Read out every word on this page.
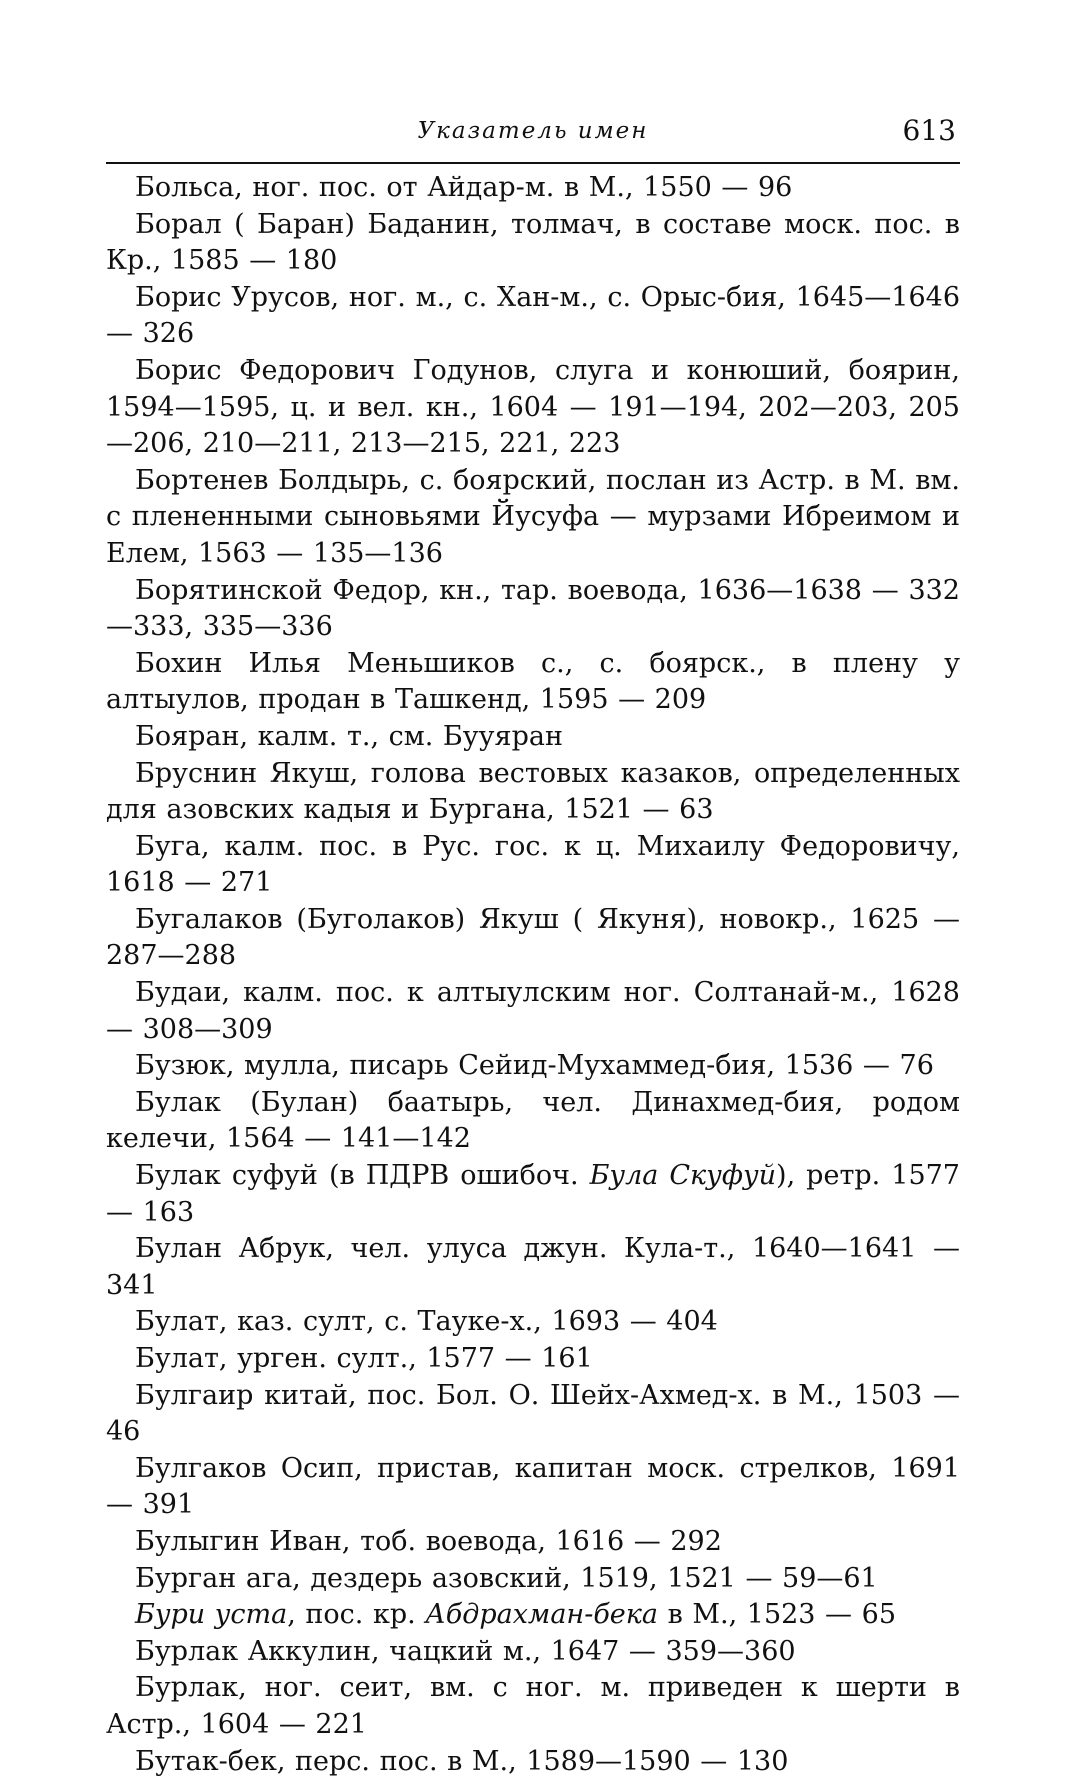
Указатель имен	613

Больса, ног. пос. от Айдар-м. в М., 1550 — 96

Борал ( Баран) Баданин, толмач, в составе моск. пос. в Кр., 1585 — 180

Борис Урусов, ног. м., с. Хан-м., с. Орыс-бия, 1645—1646 — 326

Борис Федорович Годунов, слуга и конюший, боярин, 1594—1595, ц. и вел. кн., 1604 — 191—194, 202—203, 205—206, 210—211, 213—215, 221, 223

Бортенев Болдырь, с. боярский, послан из Астр. в М. вм. с плененными сыновьями Йусуфа — мурзами Ибреимом и Елем, 1563 — 135—136

Борятинской Федор, кн., тар. воевода, 1636—1638 — 332—333, 335—336

Бохин Илья Меньшиков с., с. боярск., в плену у алтыулов, продан в Ташкенд, 1595 — 209

Бояран, калм. т., см. Бууяран

Бруснин Якуш, голова вестовых казаков, определенных для азовских кадыя и Бургана, 1521 — 63

Буга, калм. пос. в Рус. гос. к ц. Михаилу Федоровичу, 1618 — 271

Бугалаков (Буголаков) Якуш ( Якуня), новокр., 1625 — 287—288

Будаи, калм. пос. к алтыулским ног. Солтанай-м., 1628 — 308—309

Бузюк, мулла, писарь Сейид-Мухаммед-бия, 1536 — 76

Булак (Булан) баатырь, чел. Динахмед-бия, родом келечи, 1564 — 141—142

Булак суфуй (в ПДРВ ошибоч. Була Скуфуй), ретр. 1577 — 163

Булан Абрук, чел. улуса джун. Кула-т., 1640—1641 — 341

Булат, каз. султ, с. Тауке-х., 1693 — 404

Булат, урген. султ., 1577 — 161

Булгаир китай, пос. Бол. О. Шейх-Ахмед-х. в М., 1503 — 46

Булгаков Осип, пристав, капитан моск. стрелков, 1691 — 391

Булыгин Иван, тоб. воевода, 1616 — 292

Бурган ага, дездерь азовский, 1519, 1521 — 59—61

Бури уста, пос. кр. Абдрахман-бека в М., 1523 — 65

Бурлак Аккулин, чацкий м., 1647 — 359—360

Бурлак, ног. сеит, вм. с ног. м. приведен к шерти в Астр., 1604 — 221

Бутак-бек, перс. пос. в М., 1589—1590 — 130
